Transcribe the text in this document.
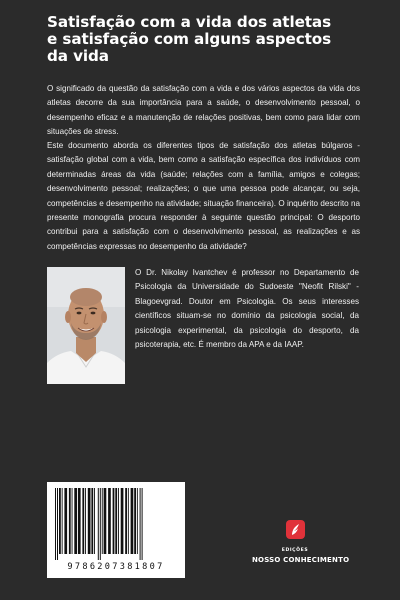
Satisfação com a vida dos atletas
e satisfação com alguns aspectos
da vida
O significado da questão da satisfação com a vida e dos vários aspectos da vida dos atletas decorre da sua importância para a saúde, o desenvolvimento pessoal, o desempenho eficaz e a manutenção de relações positivas, bem como para lidar com situações de stress.
Este documento aborda os diferentes tipos de satisfação dos atletas búlgaros - satisfação global com a vida, bem como a satisfação específica dos indivíduos com determinadas áreas da vida (saúde; relações com a família, amigos e colegas; desenvolvimento pessoal; realizações; o que uma pessoa pode alcançar, ou seja, competências e desempenho na atividade; situação financeira). O inquérito descrito na presente monografia procura responder à seguinte questão principal: O desporto contribui para a satisfação com o desenvolvimento pessoal, as realizações e as competências expressas no desempenho da atividade?
O Dr. Nikolay Ivantchev é professor no Departamento de Psicologia da Universidade do Sudoeste "Neofit Rilski" - Blagoevgrad. Doutor em Psicologia. Os seus interesses científicos situam-se no domínio da psicologia social, da psicologia experimental, da psicologia do desporto, da psicoterapia, etc. É membro da APA e da IAAP.
9786207381807
EDIÇÕES
NOSSO CONHECIMENTO
